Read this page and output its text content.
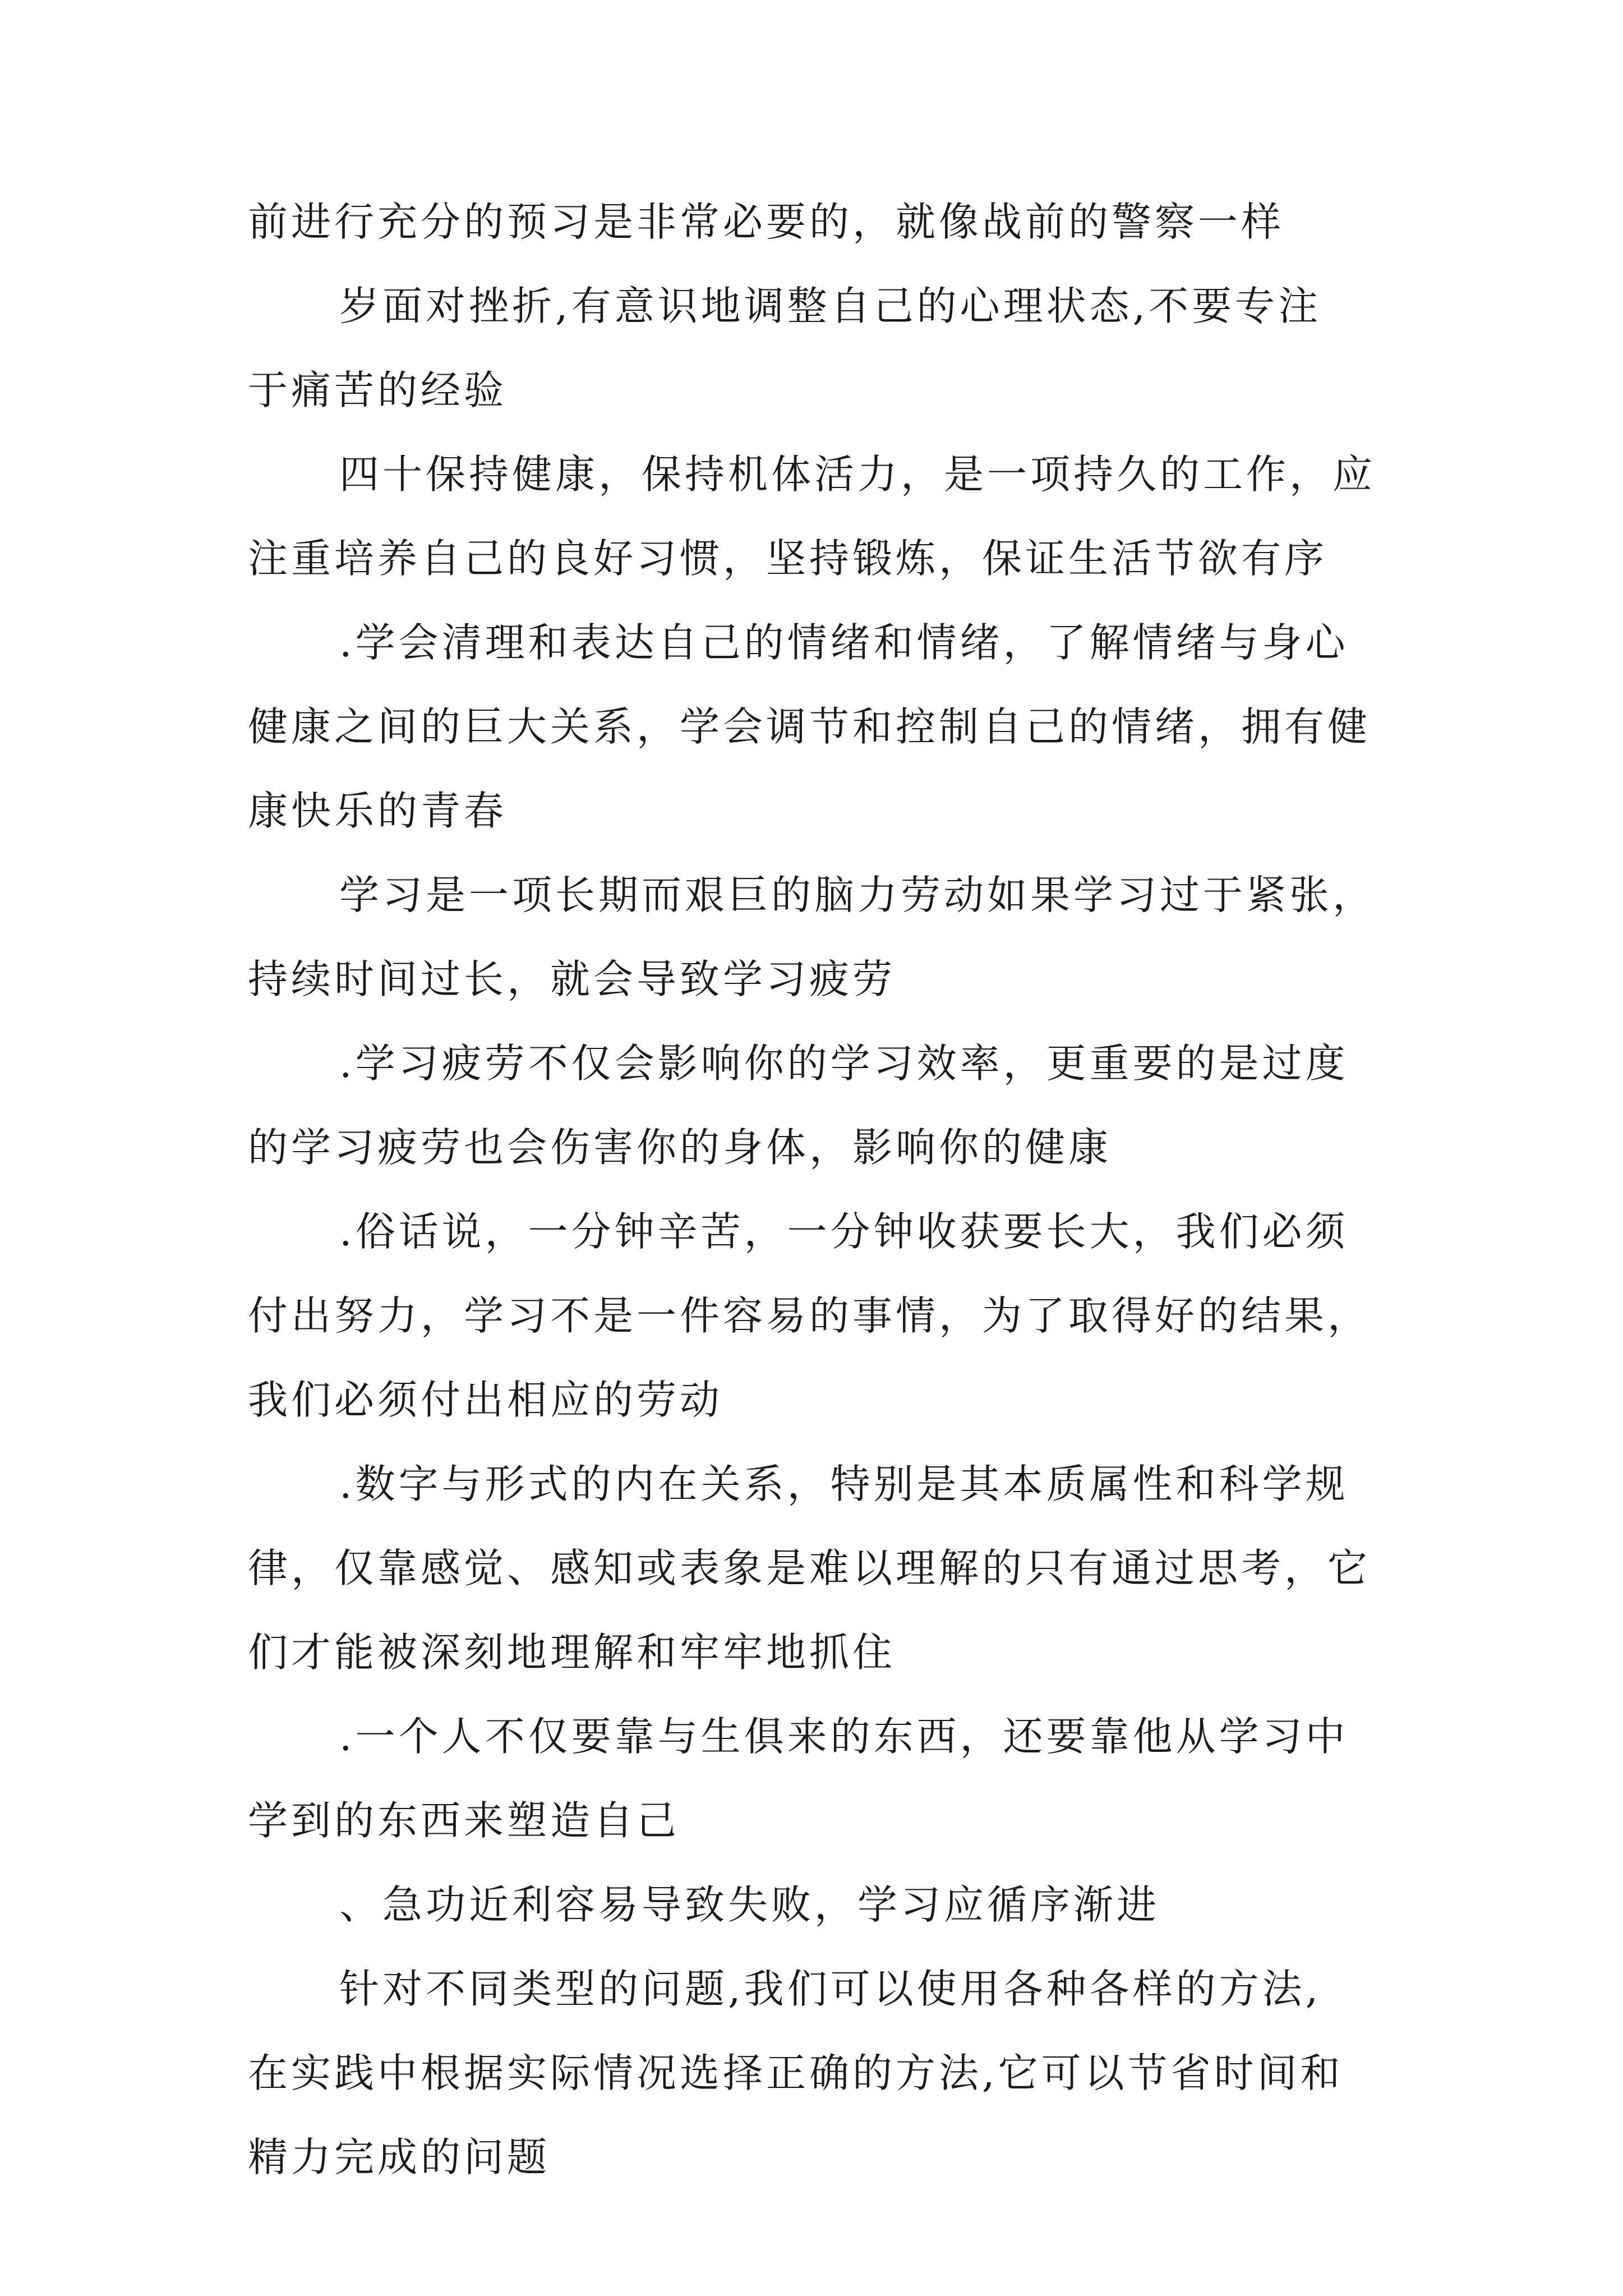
前进行充分的预习是非常必要的，就像战前的警察一样
岁面对挫折,有意识地调整自己的心理状态,不要专注
于痛苦的经验
四十保持健康，保持机体活力，是一项持久的工作，应
注重培养自己的良好习惯，坚持锻炼，保证生活节欲有序
.学会清理和表达自己的情绪和情绪，了解情绪与身心
健康之间的巨大关系，学会调节和控制自己的情绪，拥有健
康快乐的青春
学习是一项长期而艰巨的脑力劳动如果学习过于紧张，
持续时间过长，就会导致学习疲劳
.学习疲劳不仅会影响你的学习效率，更重要的是过度
的学习疲劳也会伤害你的身体，影响你的健康
.俗话说，一分钟辛苦，一分钟收获要长大，我们必须
付出努力，学习不是一件容易的事情，为了取得好的结果，
我们必须付出相应的劳动
.数字与形式的内在关系，特别是其本质属性和科学规
律，仅靠感觉、感知或表象是难以理解的只有通过思考，它
们才能被深刻地理解和牢牢地抓住
.一个人不仅要靠与生俱来的东西，还要靠他从学习中
学到的东西来塑造自己
、急功近利容易导致失败，学习应循序渐进
针对不同类型的问题,我们可以使用各种各样的方法,
在实践中根据实际情况选择正确的方法,它可以节省时间和
精力完成的问题
